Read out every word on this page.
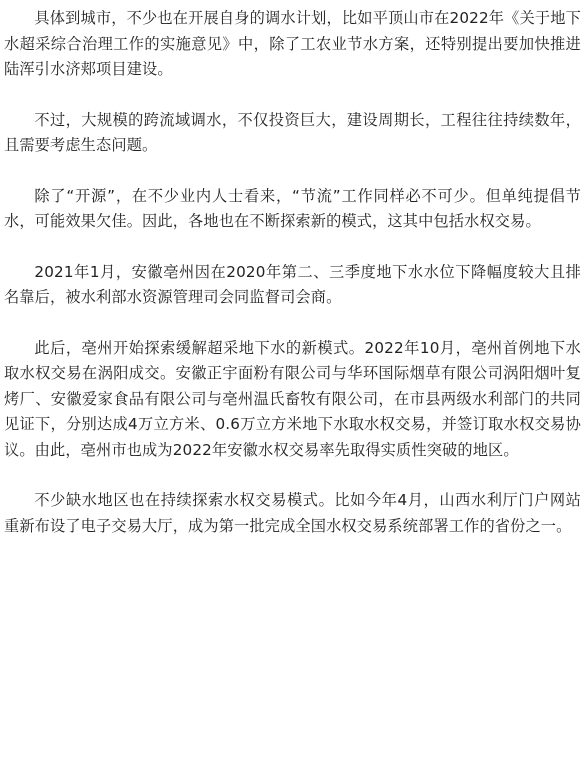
具体到城市，不少也在开展自身的调水计划，比如平顶山市在2022年《关于地下水超采综合治理工作的实施意见》中，除了工农业节水方案，还特别提出要加快推进陆浑引水济郏项目建设。

不过，大规模的跨流域调水，不仅投资巨大，建设周期长，工程往往持续数年，且需要考虑生态问题。

除了“开源”，在不少业内人士看来，“节流”工作同样必不可少。但单纯提倡节水，可能效果欠佳。因此，各地也在不断探索新的模式，这其中包括水权交易。

2021年1月，安徽亳州因在2020年第二、三季度地下水水位下降幅度较大且排名靠后，被水利部水资源管理司会同监督司会商。

此后，亳州开始探索缓解超采地下水的新模式。2022年10月，亳州首例地下水取水权交易在涡阳成交。安徽正宇面粉有限公司与华环国际烟草有限公司涡阳烟叶复烤厂、安徽爱家食品有限公司与亳州温氏畜牧有限公司，在市县两级水利部门的共同见证下，分别达成4万立方米、0.6万立方米地下水取水权交易，并签订取水权交易协议。由此，亳州市也成为2022年安徽水权交易率先取得实质性突破的地区。

不少缺水地区也在持续探索水权交易模式。比如今年4月，山西水利厅门户网站重新布设了电子交易大厅，成为第一批完成全国水权交易系统部署工作的省份之一。
